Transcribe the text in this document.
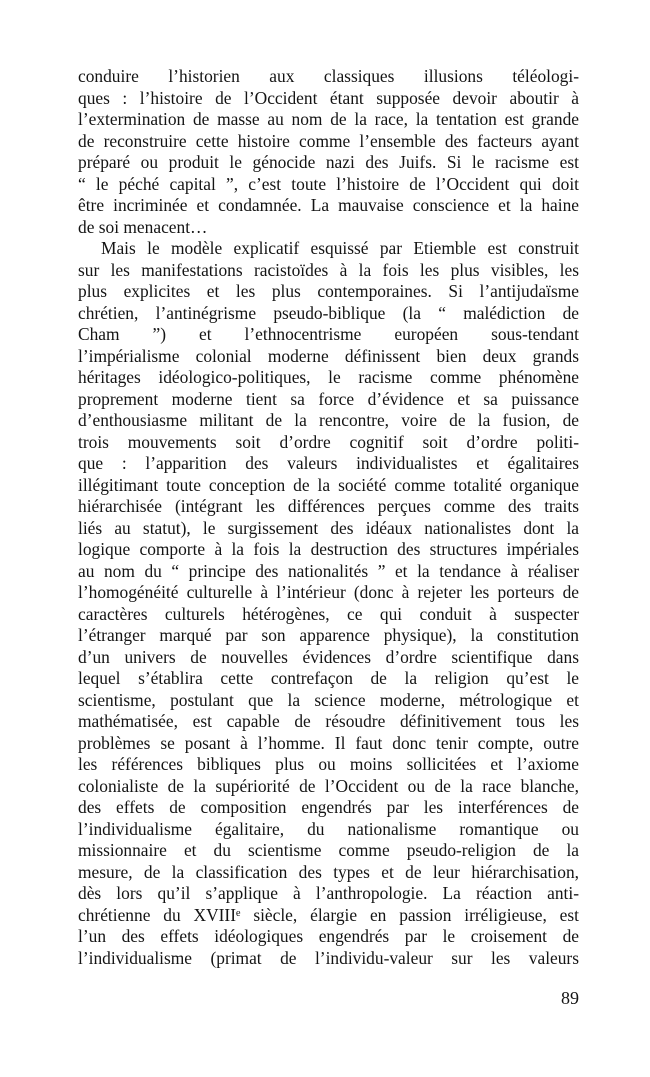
conduire l’historien aux classiques illusions téléologi-
ques : l’histoire de l’Occident étant supposée devoir aboutir à
l’extermination de masse au nom de la race, la tentation est grande
de reconstruire cette histoire comme l’ensemble des facteurs ayant
préparé ou produit le génocide nazi des Juifs. Si le racisme est
“ le péché capital ”, c’est toute l’histoire de l’Occident qui doit
être incriminée et condamnée. La mauvaise conscience et la haine
de soi menacent…
Mais le modèle explicatif esquissé par Etiemble est construit
sur les manifestations racistoïdes à la fois les plus visibles, les
plus explicites et les plus contemporaines. Si l’antijudaïsme
chrétien, l’antinégrisme pseudo-biblique (la “ malédiction de
Cham ”) et l’ethnocentrisme européen sous-tendant
l’impérialisme colonial moderne définissent bien deux grands
héritages idéologico-politiques, le racisme comme phénomène
proprement moderne tient sa force d’évidence et sa puissance
d’enthousiasme militant de la rencontre, voire de la fusion, de
trois mouvements soit d’ordre cognitif soit d’ordre politi-
que : l’apparition des valeurs individualistes et égalitaires
illégitimant toute conception de la société comme totalité organique
hiérarchisée (intégrant les différences perçues comme des traits
liés au statut), le surgissement des idéaux nationalistes dont la
logique comporte à la fois la destruction des structures impériales
au nom du “ principe des nationalités ” et la tendance à réaliser
l’homogénéité culturelle à l’intérieur (donc à rejeter les porteurs de
caractères culturels hétérogènes, ce qui conduit à suspecter
l’étranger marqué par son apparence physique), la constitution
d’un univers de nouvelles évidences d’ordre scientifique dans
lequel s’établira cette contrefaçon de la religion qu’est le
scientisme, postulant que la science moderne, métrologique et
mathématisée, est capable de résoudre définitivement tous les
problèmes se posant à l’homme. Il faut donc tenir compte, outre
les références bibliques plus ou moins sollicitées et l’axiome
colonialiste de la supériorité de l’Occident ou de la race blanche,
des effets de composition engendrés par les interférences de
l’individualisme égalitaire, du nationalisme romantique ou
missionnaire et du scientisme comme pseudo-religion de la
mesure, de la classification des types et de leur hiérarchisation,
dès lors qu’il s’applique à l’anthropologie. La réaction anti-
chrétienne du XVIIIᵉ siècle, élargie en passion irréligieuse, est
l’un des effets idéologiques engendrés par le croisement de
l’individualisme (primat de l’individu-valeur sur les valeurs
89
